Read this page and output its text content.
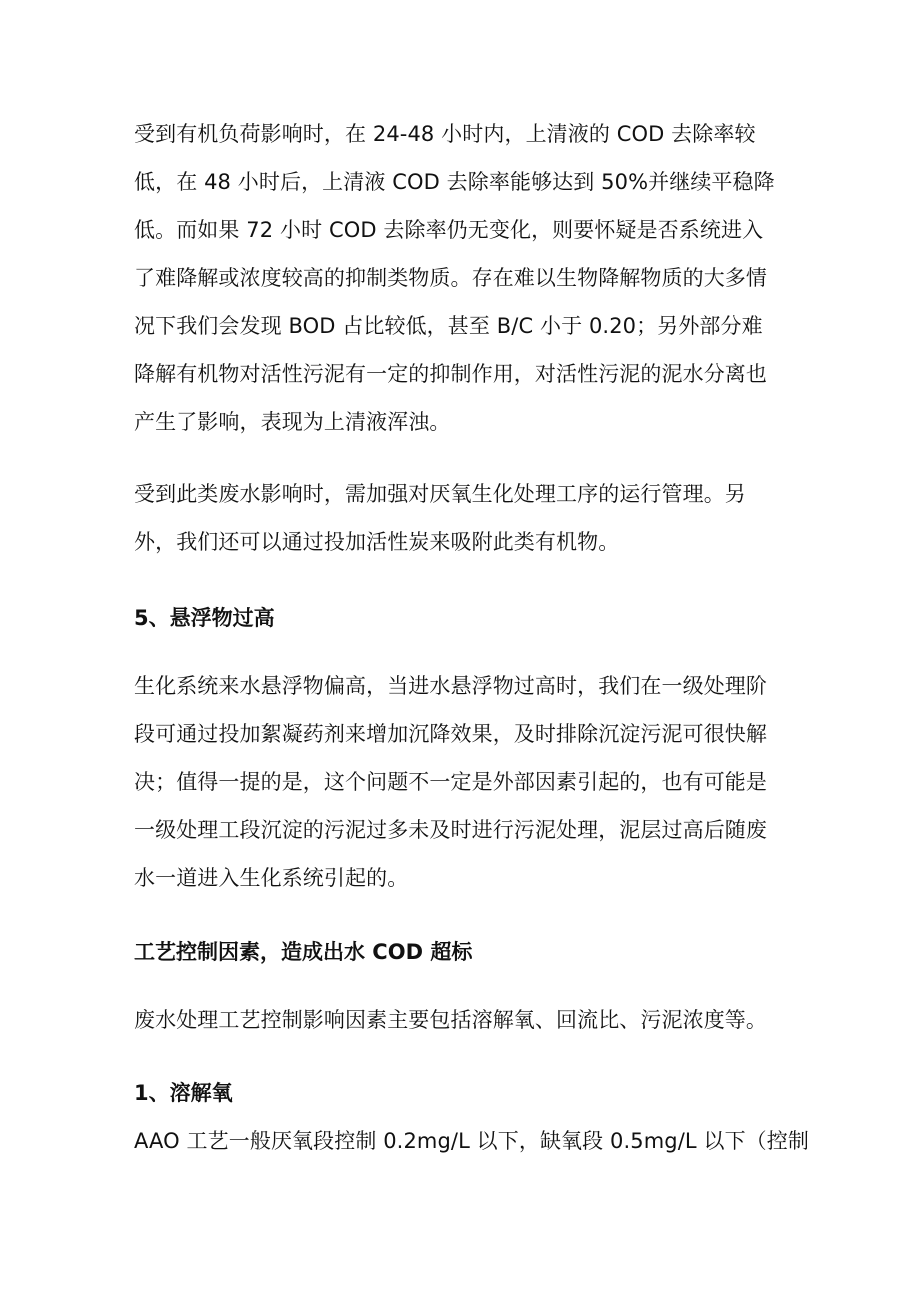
受到有机负荷影响时，在 24-48 小时内，上清液的 COD 去除率较
低，在 48 小时后，上清液 COD 去除率能够达到 50%并继续平稳降
低。而如果 72 小时 COD 去除率仍无变化，则要怀疑是否系统进入
了难降解或浓度较高的抑制类物质。存在难以生物降解物质的大多情
况下我们会发现 BOD 占比较低，甚至 B/C 小于 0.20；另外部分难
降解有机物对活性污泥有一定的抑制作用，对活性污泥的泥水分离也
产生了影响，表现为上清液浑浊。
受到此类废水影响时，需加强对厌氧生化处理工序的运行管理。另
外，我们还可以通过投加活性炭来吸附此类有机物。
5、悬浮物过高
生化系统来水悬浮物偏高，当进水悬浮物过高时，我们在一级处理阶
段可通过投加絮凝药剂来增加沉降效果，及时排除沉淀污泥可很快解
决；值得一提的是，这个问题不一定是外部因素引起的，也有可能是
一级处理工段沉淀的污泥过多未及时进行污泥处理，泥层过高后随废
水一道进入生化系统引起的。
工艺控制因素，造成出水 COD 超标
废水处理工艺控制影响因素主要包括溶解氧、回流比、污泥浓度等。
1、溶解氧
AAO 工艺一般厌氧段控制 0.2mg/L 以下，缺氧段 0.5mg/L 以下（控制
